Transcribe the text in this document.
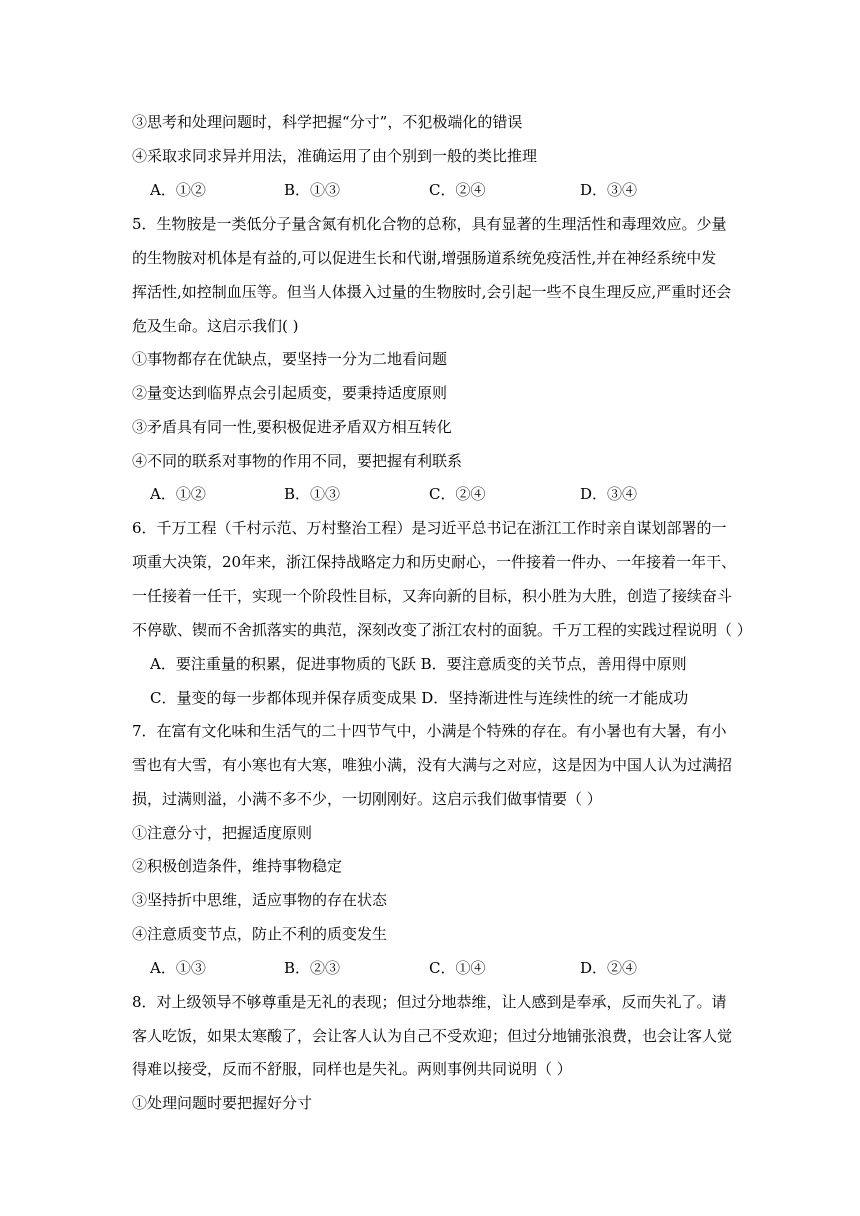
③思考和处理问题时，科学把握“分寸”，不犯极端化的错误
④采取求同求异并用法，准确运用了由个别到一般的类比推理
A．①②	B．①③	C．②④	D．③④
5．生物胺是一类低分子量含氮有机化合物的总称，具有显著的生理活性和毒理效应。少量
的生物胺对机体是有益的,可以促进生长和代谢,增强肠道系统免疫活性,并在神经系统中发
挥活性,如控制血压等。但当人体摄入过量的生物胺时,会引起一些不良生理反应,严重时还会
危及生命。这启示我们( )
①事物都存在优缺点，要坚持一分为二地看问题
②量变达到临界点会引起质变，要秉持适度原则
③矛盾具有同一性,要积极促进矛盾双方相互转化
④不同的联系对事物的作用不同，要把握有利联系
A．①②	B．①③	C．②④	D．③④
6．千万工程（千村示范、万村整治工程）是习近平总书记在浙江工作时亲自谋划部署的一
项重大决策，20年来，浙江保持战略定力和历史耐心，一件接着一件办、一年接着一年干、
一任接着一任干，实现一个阶段性目标，又奔向新的目标，积小胜为大胜，创造了接续奋斗
不停歇、锲而不舍抓落实的典范，深刻改变了浙江农村的面貌。千万工程的实践过程说明（ ）
A．要注重量的积累，促进事物质的飞跃 B．要注意质变的关节点，善用得中原则
C．量变的每一步都体现并保存质变成果 D．坚持渐进性与连续性的统一才能成功
7．在富有文化味和生活气的二十四节气中，小满是个特殊的存在。有小暑也有大暑，有小
雪也有大雪，有小寒也有大寒，唯独小满，没有大满与之对应，这是因为中国人认为过满招
损，过满则溢，小满不多不少，一切刚刚好。这启示我们做事情要（ ）
①注意分寸，把握适度原则
②积极创造条件，维持事物稳定
③坚持折中思维，适应事物的存在状态
④注意质变节点，防止不利的质变发生
A．①③	B．②③	C．①④	D．②④
8．对上级领导不够尊重是无礼的表现；但过分地恭维，让人感到是奉承，反而失礼了。请
客人吃饭，如果太寒酸了，会让客人认为自己不受欢迎；但过分地铺张浪费，也会让客人觉
得难以接受，反而不舒服，同样也是失礼。两则事例共同说明（ ）
①处理问题时要把握好分寸
